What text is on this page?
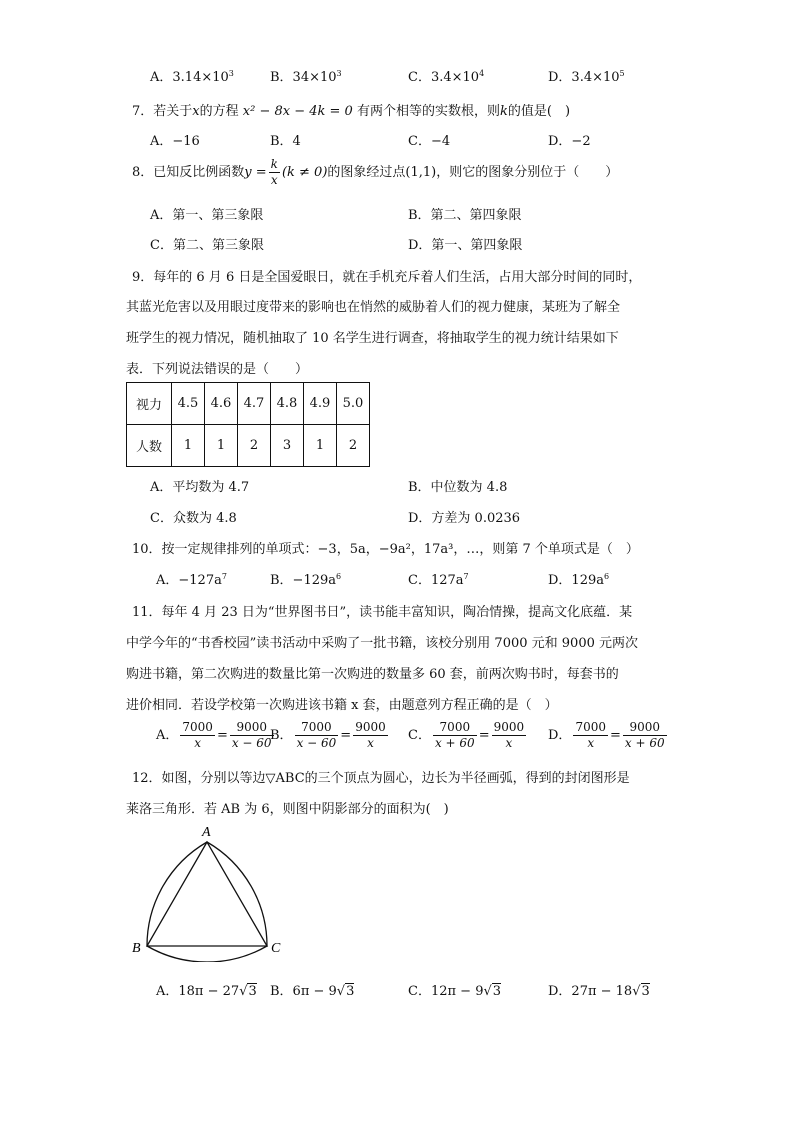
A．$3.14\times 10^3$	B．$34\times 10^3$	C．$3.4\times 10^4$	D．$3.4\times 10^5$
7．若关于x的方程 x² − 8x − 4k = 0 有两个相等的实数根，则k的值是(　)
A．−16	B．4	C．−4	D．−2
8．已知反比例函数$y = \frac{k}{x} (k \ne 0)$的图象经过点(1,1)，则它的图象分别位于（　　）
A．第一、第三象限	B．第二、第四象限
C．第二、第三象限	D．第一、第四象限
9．每年的 6 月 6 日是全国爱眼日，就在手机充斥着人们生活，占用大部分时间的同时，
其蓝光危害以及用眼过度带来的影响也在悄然的威胁着人们的视力健康，某班为了解全
班学生的视力情况，随机抽取了 10 名学生进行调查，将抽取学生的视力统计结果如下
表．下列说法错误的是（　　）
视力	4.5	4.6	4.7	4.8	4.9	5.0
人数	1	1	2	3	1	2
A．平均数为 4.7	B．中位数为 4.8
C．众数为 4.8	D．方差为 0.0236
10．按一定规律排列的单项式：−3，5a，−9a²，17a³，…，则第 7 个单项式是（　）
A．$-127a^7$	B．$-129a^6$	C．$127a^7$	D．$129a^6$
11．每年 4 月 23 日为“世界图书日”，读书能丰富知识，陶冶情操，提高文化底蕴．某
中学今年的“书香校园”读书活动中采购了一批书籍，该校分别用 7000 元和 9000 元两次
购进书籍，第二次购进的数量比第一次购进的数量多 60 套，前两次购书时，每套书的
进价相同．若设学校第一次购进该书籍 x 套，由题意列方程正确的是（　）
A． $\frac{7000}{x} = \frac{9000}{x - 60}$
B． $\frac{7000}{x - 60} = \frac{9000}{x}$ C． $\frac{7000}{x + 60} = \frac{9000}{x}$ D． $\frac{7000}{x} = \frac{9000}{x + 60}$
12．如图，分别以等边▽ABC的三个顶点为圆心，边长为半径画弧，得到的封闭图形是
莱洛三角形．若 AB 为 6，则图中阴影部分的面积为(　)
A
B	C
A．18π − 27√3 B．6π − 9√3	C．12π − 9√3	D．27π − 18√3
